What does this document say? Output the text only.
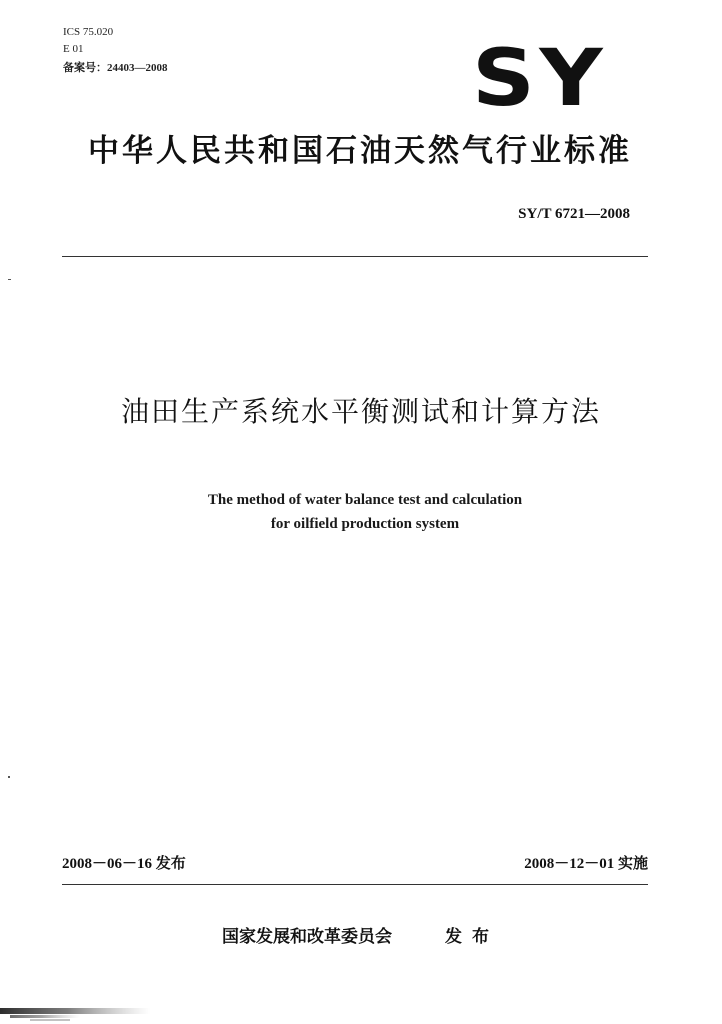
ICS 75.020
E 01
备案号：24403—2008	SY
中华人民共和国石油天然气行业标准
SY/T 6721—2008
油田生产系统水平衡测试和计算方法
The method of water balance test and calculation
for oilfield production system
2008－06－16 发布	2008－12－01 实施
国家发展和改革委员会	发布
